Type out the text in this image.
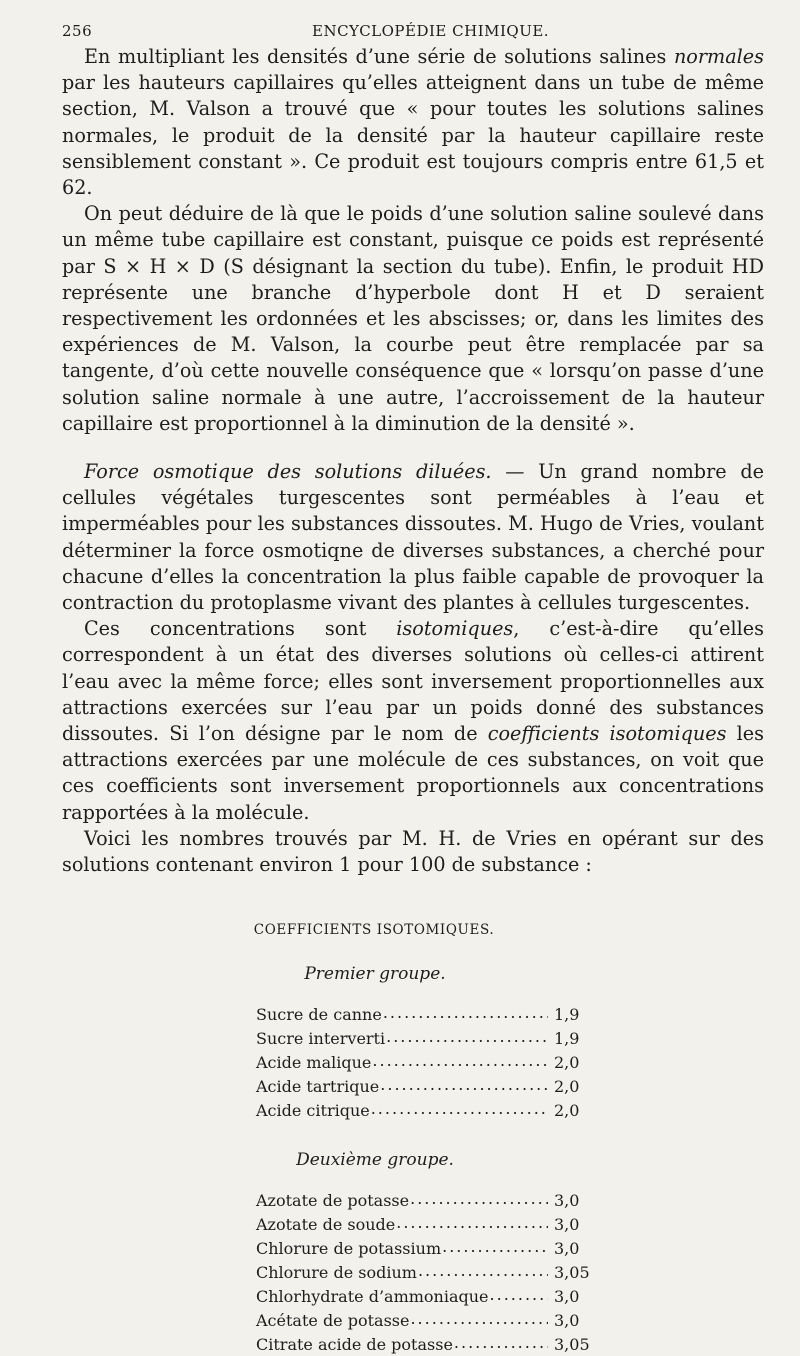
256	ENCYCLOPÉDIE CHIMIQUE.

En multipliant les densités d’une série de solutions salines normales par les hauteurs capillaires qu’elles atteignent dans un tube de même section, M. Valson a trouvé que « pour toutes les solutions salines normales, le produit de la densité par la hauteur capillaire reste sensiblement constant ». Ce produit est toujours compris entre 61,5 et 62.

On peut déduire de là que le poids d’une solution saline soulevé dans un même tube capillaire est constant, puisque ce poids est représenté par S × H × D (S désignant la section du tube). Enfin, le produit HD représente une branche d’hyperbole dont H et D seraient respectivement les ordonnées et les abscisses; or, dans les limites des expériences de M. Valson, la courbe peut être remplacée par sa tangente, d’où cette nouvelle conséquence que « lorsqu’on passe d’une solution saline normale à une autre, l’accroissement de la hauteur capillaire est proportionnel à la diminution de la densité ».

Force osmotique des solutions diluées. — Un grand nombre de cellules végétales turgescentes sont perméables à l’eau et imperméables pour les substances dissoutes. M. Hugo de Vries, voulant déterminer la force osmotiqne de diverses substances, a cherché pour chacune d’elles la concentration la plus faible capable de provoquer la contraction du protoplasme vivant des plantes à cellules turgescentes.

Ces concentrations sont isotomiques, c’est-à-dire qu’elles correspondent à un état des diverses solutions où celles-ci attirent l’eau avec la même force; elles sont inversement proportionnelles aux attractions exercées sur l’eau par un poids donné des substances dissoutes. Si l’on désigne par le nom de coefficients isotomiques les attractions exercées par une molécule de ces substances, on voit que ces coefficients sont inversement proportionnels aux concentrations rapportées à la molécule.

Voici les nombres trouvés par M. H. de Vries en opérant sur des solutions contenant environ 1 pour 100 de substance :

COEFFICIENTS ISOTOMIQUES.
Premier groupe.
Sucre de canne .....	1,9
Sucre interverti .....	1,9
Acide malique .....	2,0
Acide tartrique .....	2,0
Acide citrique .....	2,0
Deuxième groupe.
Azotate de potasse .....	3,0
Azotate de soude .....	3,0
Chlorure de potassium .....	3,0
Chlorure de sodium .....	3,05
Chlorhydrate d’ammoniaque .....	3,0
Acétate de potasse .....	3,0
Citrate acide de potasse .....	3,05
